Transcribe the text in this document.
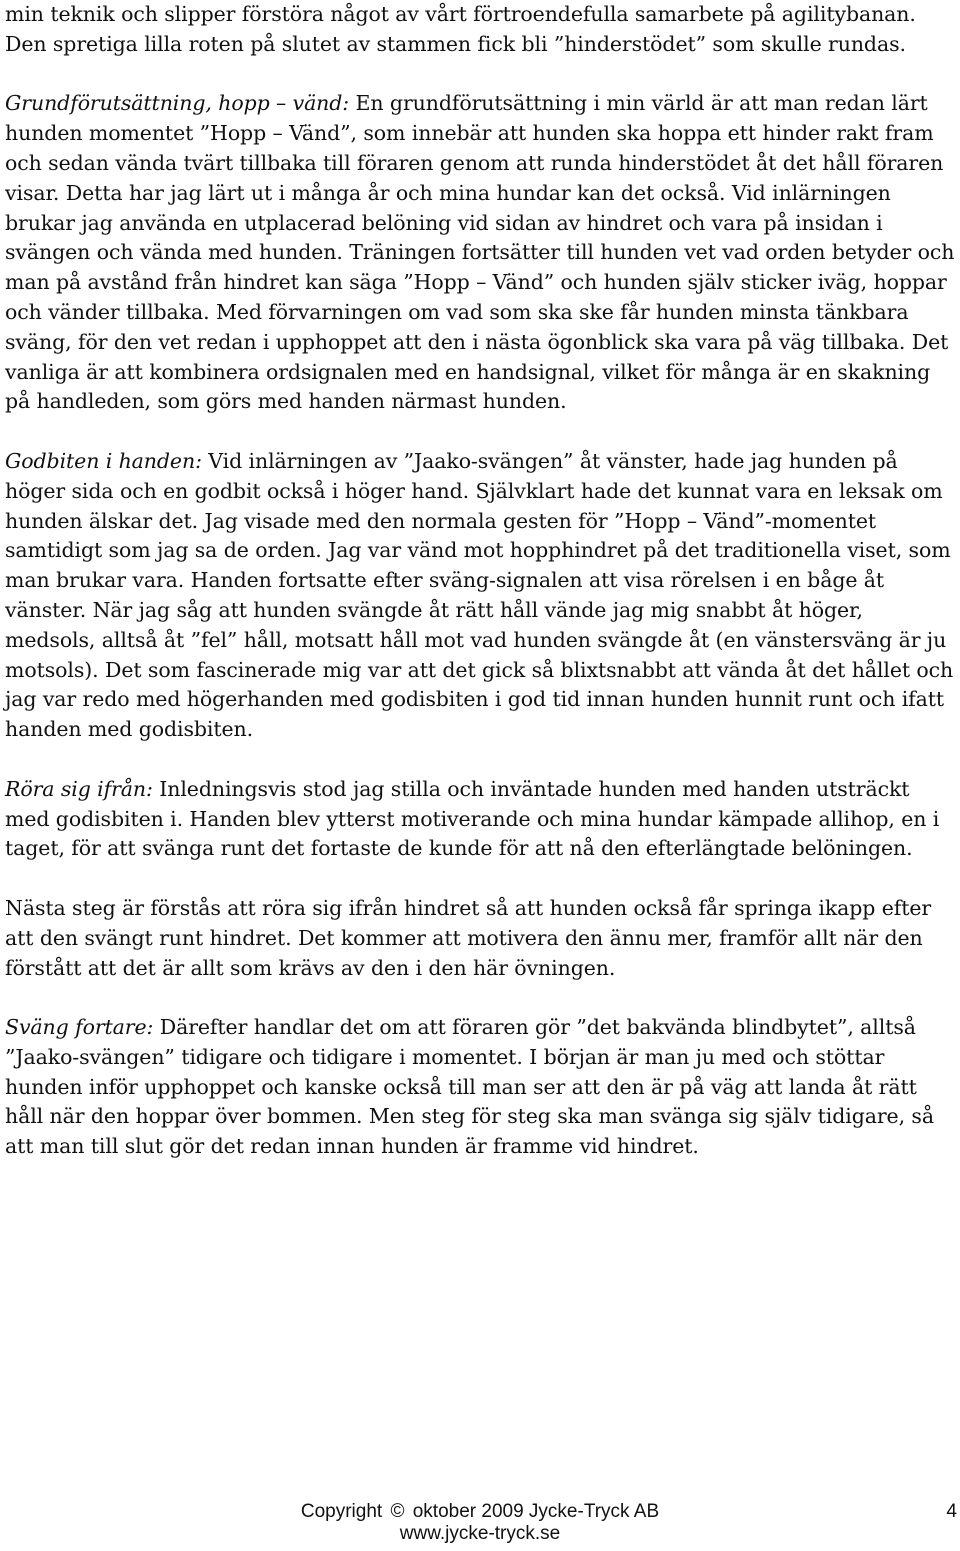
min teknik och slipper förstöra något av vårt förtroendefulla samarbete på agilitybanan. Den spretiga lilla roten på slutet av stammen fick bli ”hinderstödet” som skulle rundas.

Grundförutsättning, hopp – vänd: En grundförutsättning i min värld är att man redan lärt hunden momentet ”Hopp – Vänd”, som innebär att hunden ska hoppa ett hinder rakt fram och sedan vända tvärt tillbaka till föraren genom att runda hinderstödet åt det håll föraren visar. Detta har jag lärt ut i många år och mina hundar kan det också. Vid inlärningen brukar jag använda en utplacerad belöning vid sidan av hindret och vara på insidan i svängen och vända med hunden. Träningen fortsätter till hunden vet vad orden betyder och man på avstånd från hindret kan säga ”Hopp – Vänd” och hunden själv sticker iväg, hoppar och vänder tillbaka. Med förvarningen om vad som ska ske får hunden minsta tänkbara sväng, för den vet redan i upphoppet att den i nästa ögonblick ska vara på väg tillbaka. Det vanliga är att kombinera ordsignalen med en handsignal, vilket för många är en skakning på handleden, som görs med handen närmast hunden.

Godbiten i handen: Vid inlärningen av ”Jaako-svängen” åt vänster, hade jag hunden på höger sida och en godbit också i höger hand. Självklart hade det kunnat vara en leksak om hunden älskar det. Jag visade med den normala gesten för ”Hopp – Vänd”-momentet samtidigt som jag sa de orden. Jag var vänd mot hopphindret på det traditionella viset, som man brukar vara. Handen fortsatte efter sväng-signalen att visa rörelsen i en båge åt vänster. När jag såg att hunden svängde åt rätt håll vände jag mig snabbt åt höger, medsols, alltså åt ”fel” håll, motsatt håll mot vad hunden svängde åt (en vänstersväng är ju motsols). Det som fascinerade mig var att det gick så blixtsnabbt att vända åt det hållet och jag var redo med högerhanden med godisbiten i god tid innan hunden hunnit runt och ifatt handen med godisbiten.

Röra sig ifrån: Inledningsvis stod jag stilla och inväntade hunden med handen utsträckt med godisbiten i. Handen blev ytterst motiverande och mina hundar kämpade allihop, en i taget, för att svänga runt det fortaste de kunde för att nå den efterlängtade belöningen.

Nästa steg är förstås att röra sig ifrån hindret så att hunden också får springa ikapp efter att den svängt runt hindret. Det kommer att motivera den ännu mer, framför allt när den förstått att det är allt som krävs av den i den här övningen.

Sväng fortare: Därefter handlar det om att föraren gör ”det bakvända blindbytet”, alltså ”Jaako-svängen” tidigare och tidigare i momentet. I början är man ju med och stöttar hunden inför upphoppet och kanske också till man ser att den är på väg att landa åt rätt håll när den hoppar över bommen. Men steg för steg ska man svänga sig själv tidigare, så att man till slut gör det redan innan hunden är framme vid hindret.

Copyright © oktober 2009 Jycke-Tryck AB
www.jycke-tryck.se
4
